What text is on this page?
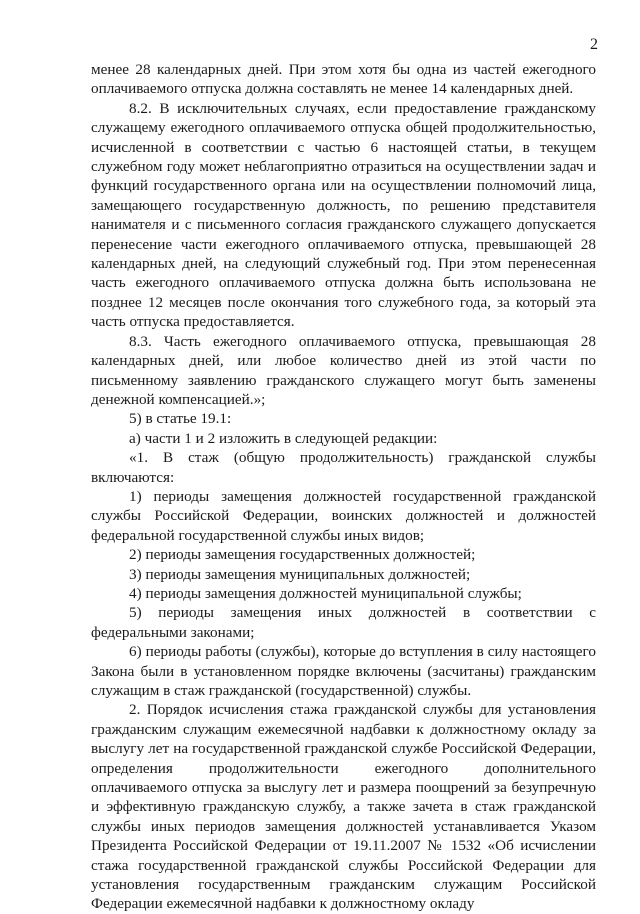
2

менее 28 календарных дней. При этом хотя бы одна из частей ежегодного оплачиваемого отпуска должна составлять не менее 14 календарных дней.

8.2. В исключительных случаях, если предоставление гражданскому служащему ежегодного оплачиваемого отпуска общей продолжительностью, исчисленной в соответствии с частью 6 настоящей статьи, в текущем служебном году может неблагоприятно отразиться на осуществлении задач и функций государственного органа или на осуществлении полномочий лица, замещающего государственную должность, по решению представителя нанимателя и с письменного согласия гражданского служащего допускается перенесение части ежегодного оплачиваемого отпуска, превышающей 28 календарных дней, на следующий служебный год. При этом перенесенная часть ежегодного оплачиваемого отпуска должна быть использована не позднее 12 месяцев после окончания того служебного года, за который эта часть отпуска предоставляется.

8.3. Часть ежегодного оплачиваемого отпуска, превышающая 28 календарных дней, или любое количество дней из этой части по письменному заявлению гражданского служащего могут быть заменены денежной компенсацией.»;

5) в статье 19.1:

а) части 1 и 2 изложить в следующей редакции:

«1. В стаж (общую продолжительность) гражданской службы включаются:

1) периоды замещения должностей государственной гражданской службы Российской Федерации, воинских должностей и должностей федеральной государственной службы иных видов;

2) периоды замещения государственных должностей;

3) периоды замещения муниципальных должностей;

4) периоды замещения должностей муниципальной службы;

5) периоды замещения иных должностей в соответствии с федеральными законами;

6) периоды работы (службы), которые до вступления в силу настоящего Закона были в установленном порядке включены (засчитаны) гражданским служащим в стаж гражданской (государственной) службы.

2. Порядок исчисления стажа гражданской службы для установления гражданским служащим ежемесячной надбавки к должностному окладу за выслугу лет на государственной гражданской службе Российской Федерации, определения продолжительности ежегодного дополнительного оплачиваемого отпуска за выслугу лет и размера поощрений за безупречную и эффективную гражданскую службу, а также зачета в стаж гражданской службы иных периодов замещения должностей устанавливается Указом Президента Российской Федерации от 19.11.2007 № 1532 «Об исчислении стажа государственной гражданской службы Российской Федерации для установления государственным гражданским служащим Российской Федерации ежемесячной надбавки к должностному окладу
